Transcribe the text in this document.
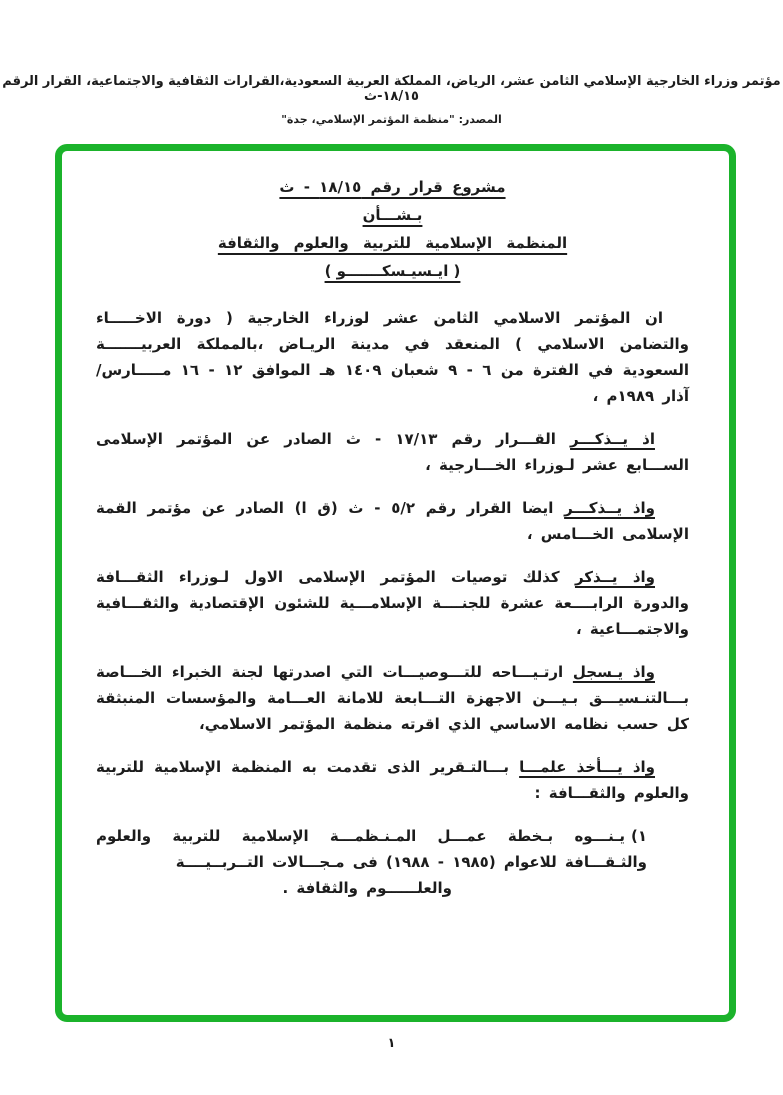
مؤتمر وزراء الخارجية الإسلامي الثامن عشر، الرياض، المملكة العربية السعودية،القرارات الثقافية والاجتماعية، القرار الرقم ١٨/١٥-ث
المصدر: "منظمة المؤتمر الإسلامي، جدة"
مشروع قرار رقم ١٨/١٥ - ث
بـشـــأن
المنظمة الإسلامية للتربية والعلوم والثقافة
( ايـسيـسكـــــــو )

ان المؤتمر الاسلامي الثامن عشر لوزراء الخارجية ( دورة الاخـــــاء والتضامن الاسلامي ) المنعقد في مدينة الريـاض ،بالمملكة العربيـــــــة السعودية في الفترة من ٦ - ٩ شعبان ١٤٠٩ هـ الموافق ١٢ - ١٦ مـــــارس/ آذار ١٩٨٩م ،

اذ يــذكـــر القـــرار رقم ١٧/١٣ - ث الصادر عن المؤتمر الإسلامى الســـابع عشر لـوزراء الخـــارجية ،

واذ يــذكـــر ايضا القرار رقم ٥/٢ - ث (ق ا) الصادر عن مؤتمر القمة الإسلامى الخـــامس ،

واذ يــذكر كذلك توصيات المؤتمر الإسلامى الاول لـوزراء الثقـــافة والدورة الرابــــعة عشرة للجنــــة الإسلامـــية للشئون الإقتصادية والثقـــافية والاجتمـــاعية ،

واذ يـسجل ارتـيـــاحه للتـــوصيـــات التي اصدرتها لجنة الخبراء الخـــاصة بـــالتنـسيـــق بـيـــن الاجهزة التـــابعة للامانة العـــامة والمؤسسات المنبثقة كل حسب نظامه الاساسي الذي اقرته منظمة المؤتمر الاسلامي،

واذ يـــأخذ علمـــا بـــالتـقرير الذى تقدمت به المنظمة الإسلامية للتربية والعلوم والثقـــافة :

١)يـنـــوه بـخطة عمـــل المـنـظمـــة الإسلامية للتربية والعلوم والثـقـــافة للاعوام (١٩٨٥ - ١٩٨٨) فى مـجـــالات التــربــيــــة
والعلــــــوم والثقافة .

١
